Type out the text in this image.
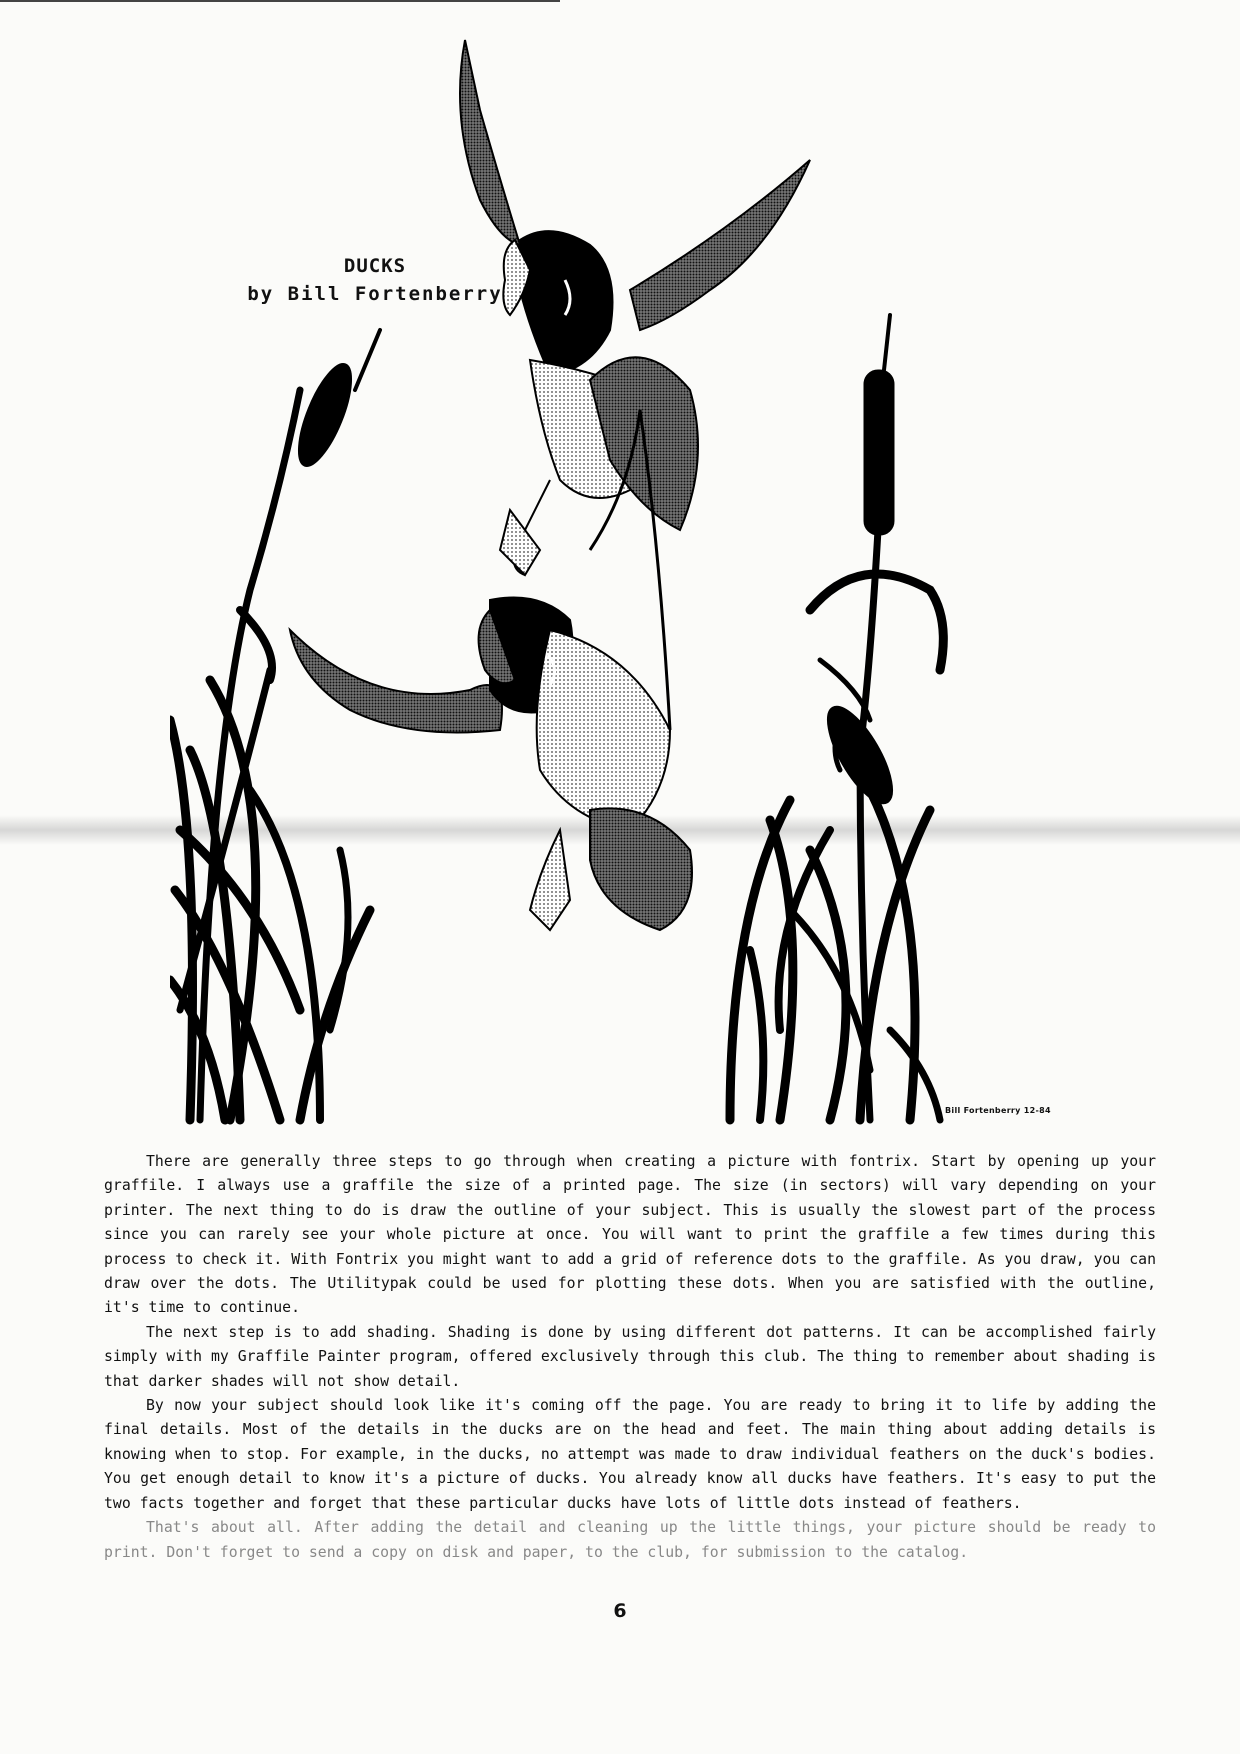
DUCKS
by Bill Fortenberry
Bill Fortenberry 12-84

There are generally three steps to go through when creating a picture with fontrix. Start by opening up your graffile. I always use a graffile the size of a printed page. The size (in sectors) will vary depending on your printer. The next thing to do is draw the outline of your subject. This is usually the slowest part of the process since you can rarely see your whole picture at once. You will want to print the graffile a few times during this process to check it. With Fontrix you might want to add a grid of reference dots to the graffile. As you draw, you can draw over the dots. The Utilitypak could be used for plotting these dots. When you are satisfied with the outline, it's time to continue.

The next step is to add shading. Shading is done by using different dot patterns. It can be accomplished fairly simply with my Graffile Painter program, offered exclusively through this club. The thing to remember about shading is that darker shades will not show detail.

By now your subject should look like it's coming off the page. You are ready to bring it to life by adding the final details. Most of the details in the ducks are on the head and feet. The main thing about adding details is knowing when to stop. For example, in the ducks, no attempt was made to draw individual feathers on the duck's bodies. You get enough detail to know it's a picture of ducks. You already know all ducks have feathers. It's easy to put the two facts together and forget that these particular ducks have lots of little dots instead of feathers.

That's about all. After adding the detail and cleaning up the little things, your picture should be ready to print. Don't forget to send a copy on disk and paper, to the club, for submission to the catalog.

6
